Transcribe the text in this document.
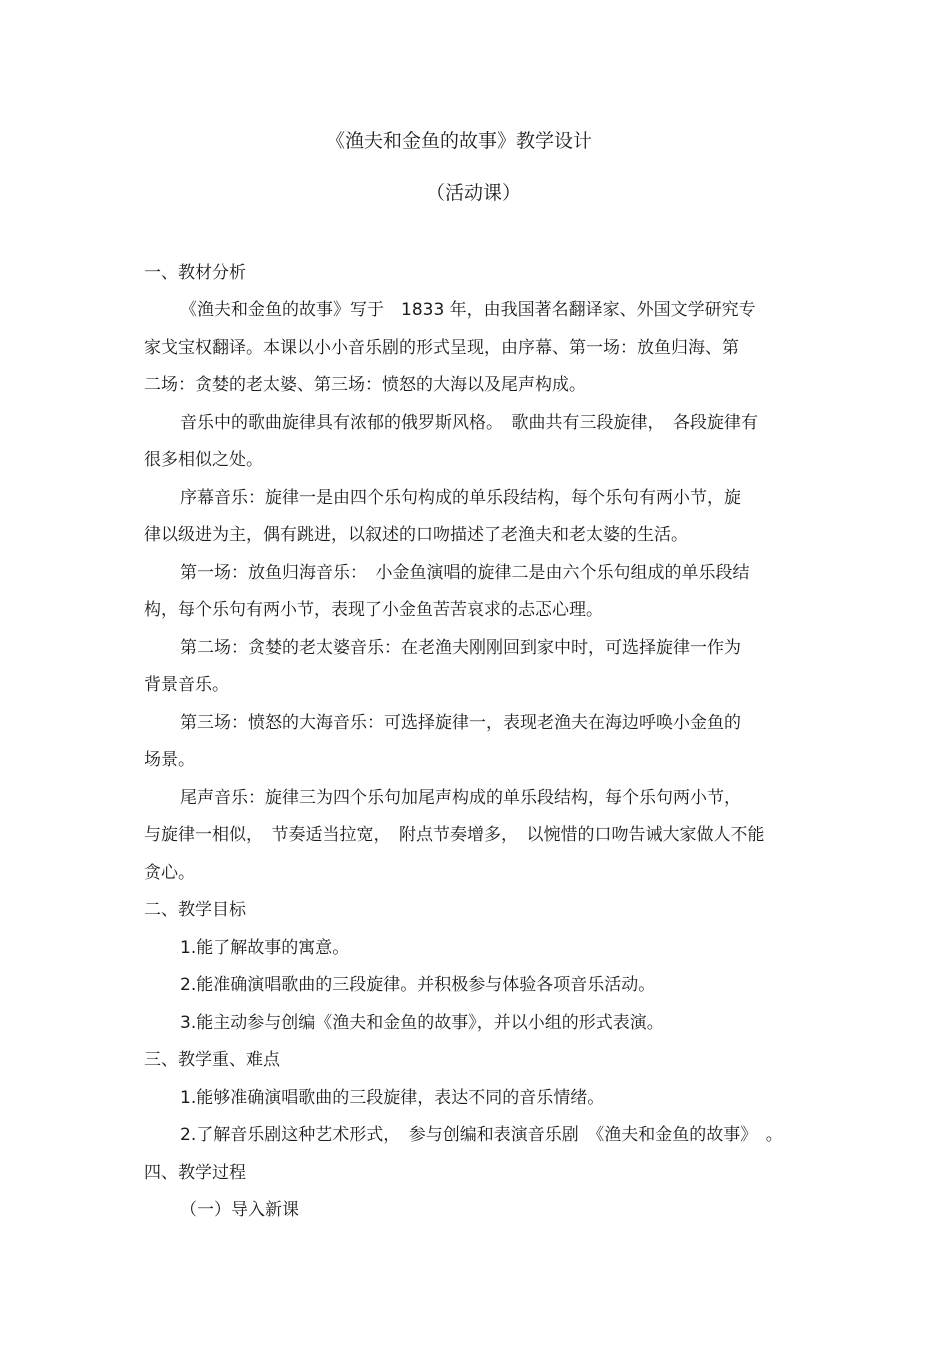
《渔夫和金鱼的故事》教学设计
（活动课）
一、教材分析
《渔夫和金鱼的故事》写于　1833 年，由我国著名翻译家、外国文学研究专
家戈宝权翻译。本课以小小音乐剧的形式呈现，由序幕、第一场：放鱼归海、第
二场：贪婪的老太婆、第三场：愤怒的大海以及尾声构成。
音乐中的歌曲旋律具有浓郁的俄罗斯风格。　歌曲共有三段旋律，　各段旋律有
很多相似之处。
序幕音乐：旋律一是由四个乐句构成的单乐段结构，每个乐句有两小节，旋
律以级进为主，偶有跳进，以叙述的口吻描述了老渔夫和老太婆的生活。
第一场：放鱼归海音乐：　小金鱼演唱的旋律二是由六个乐句组成的单乐段结
构，每个乐句有两小节，表现了小金鱼苦苦哀求的忐忑心理。
第二场：贪婪的老太婆音乐：在老渔夫刚刚回到家中时，可选择旋律一作为
背景音乐。
第三场：愤怒的大海音乐：可选择旋律一，表现老渔夫在海边呼唤小金鱼的
场景。
尾声音乐：旋律三为四个乐句加尾声构成的单乐段结构，每个乐句两小节，
与旋律一相似，　节奏适当拉宽，　附点节奏增多，　以惋惜的口吻告诫大家做人不能
贪心。
二、教学目标
1.能了解故事的寓意。
2.能准确演唱歌曲的三段旋律。并积极参与体验各项音乐活动。
3.能主动参与创编《渔夫和金鱼的故事》，并以小组的形式表演。
三、教学重、难点
1.能够准确演唱歌曲的三段旋律，表达不同的音乐情绪。
2.了解音乐剧这种艺术形式，　参与创编和表演音乐剧　《渔夫和金鱼的故事》　。
四、教学过程
（一）导入新课
